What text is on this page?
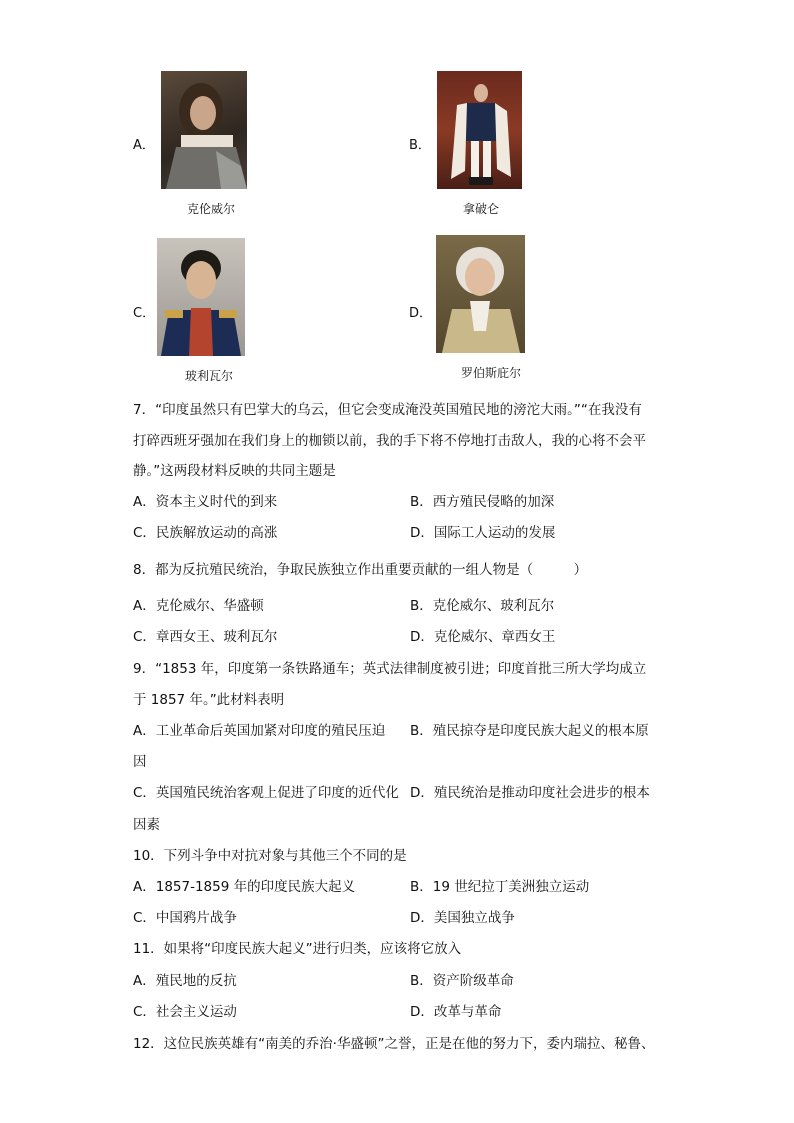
A．
克伦威尔
B．
拿破仑
C．
玻利瓦尔
D．
罗伯斯庇尔
7．“印度虽然只有巴掌大的乌云，但它会变成淹没英国殖民地的滂沱大雨。”“在我没有
打碎西班牙强加在我们身上的枷锁以前，我的手下将不停地打击敌人，我的心将不会平
静。”这两段材料反映的共同主题是
A．资本主义时代的到来	B．西方殖民侵略的加深
C．民族解放运动的高涨	D．国际工人运动的发展
8．都为反抗殖民统治，争取民族独立作出重要贡献的一组人物是（　　　）
A．克伦威尔、华盛顿	B．克伦威尔、玻利瓦尔
C．章西女王、玻利瓦尔	D．克伦威尔、章西女王
9．“1853 年，印度第一条铁路通车；英式法律制度被引进；印度首批三所大学均成立
于 1857 年。”此材料表明
A．工业革命后英国加紧对印度的殖民压迫 B．殖民掠夺是印度民族大起义的根本原
因
C．英国殖民统治客观上促进了印度的近代化 D．殖民统治是推动印度社会进步的根本
因素
10．下列斗争中对抗对象与其他三个不同的是
A．1857-1859 年的印度民族大起义	B．19 世纪拉丁美洲独立运动
C．中国鸦片战争	D．美国独立战争
11．如果将“印度民族大起义”进行归类，应该将它放入
A．殖民地的反抗	B．资产阶级革命
C．社会主义运动	D．改革与革命
12．这位民族英雄有“南美的乔治·华盛顿”之誉，正是在他的努力下，委内瑞拉、秘鲁、
